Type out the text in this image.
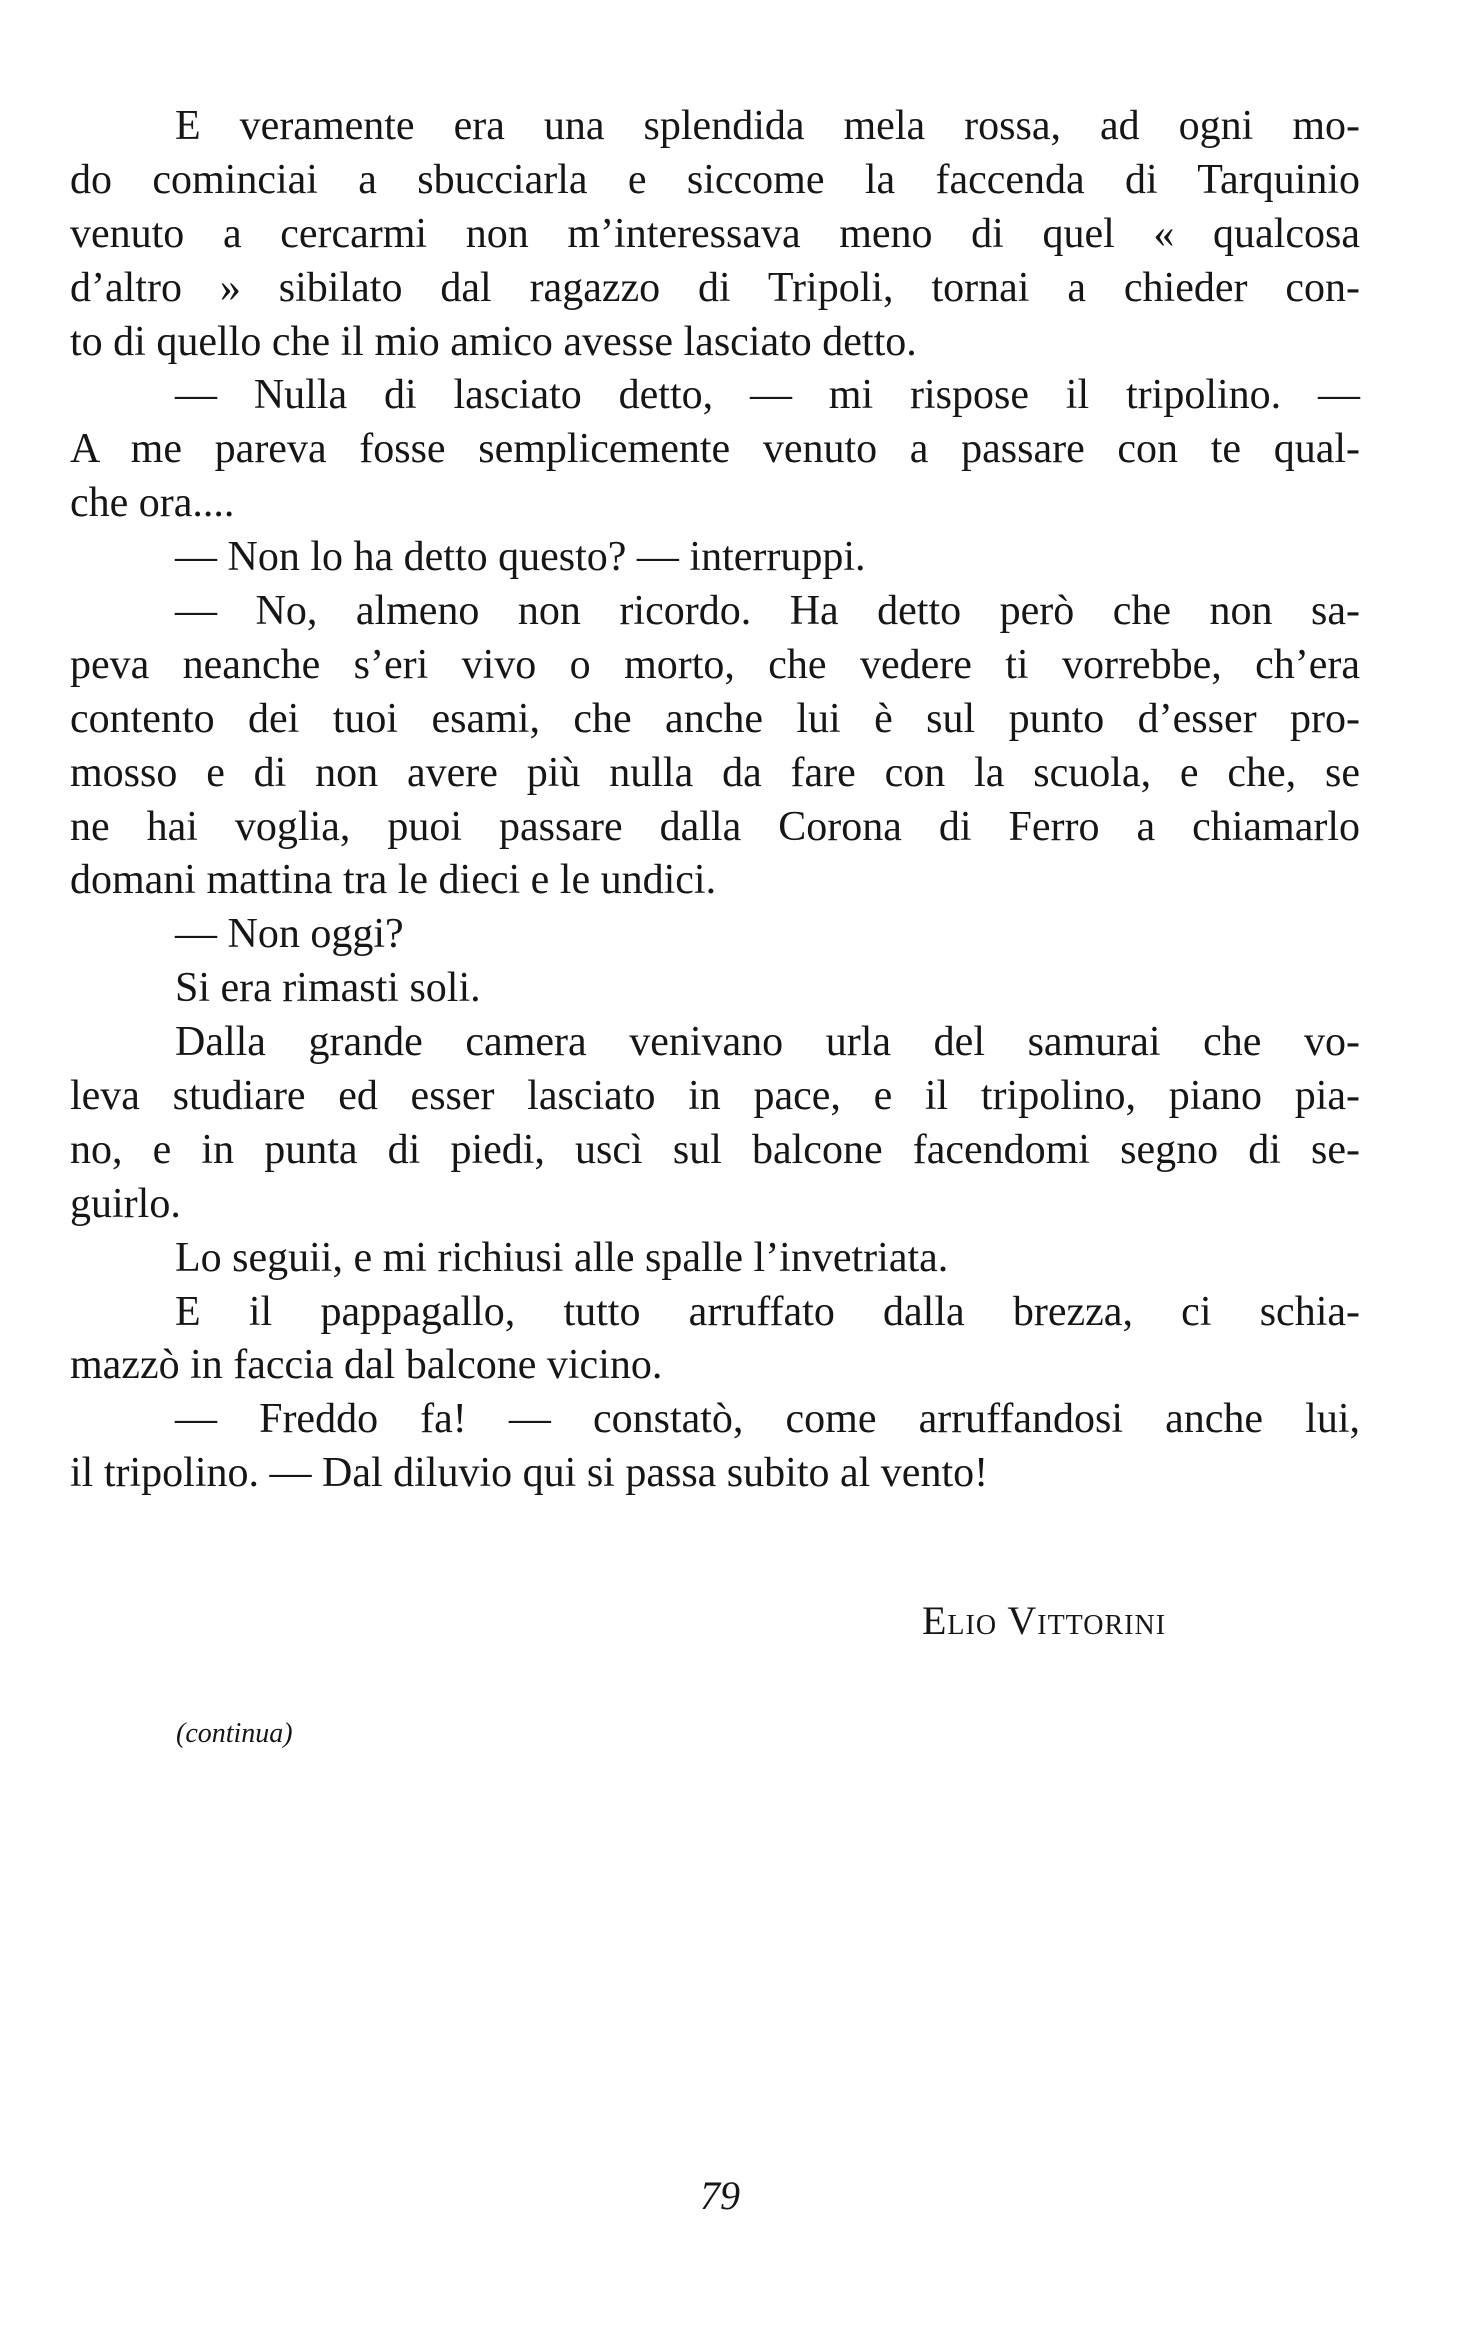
E veramente era una splendida mela rossa, ad ogni mo-
do cominciai a sbucciarla e siccome la faccenda di Tarquinio
venuto a cercarmi non m’interessava meno di quel « qualcosa
d’altro » sibilato dal ragazzo di Tripoli, tornai a chieder con-
to di quello che il mio amico avesse lasciato detto.
— Nulla di lasciato detto, — mi rispose il tripolino. —
A me pareva fosse semplicemente venuto a passare con te qual-
che ora....
— Non lo ha detto questo? — interruppi.
— No, almeno non ricordo. Ha detto però che non sa-
peva neanche s’eri vivo o morto, che vedere ti vorrebbe, ch’era
contento dei tuoi esami, che anche lui è sul punto d’esser pro-
mosso e di non avere più nulla da fare con la scuola, e che, se
ne hai voglia, puoi passare dalla Corona di Ferro a chiamarlo
domani mattina tra le dieci e le undici.
— Non oggi?
Si era rimasti soli.
Dalla grande camera venivano urla del samurai che vo-
leva studiare ed esser lasciato in pace, e il tripolino, piano pia-
no, e in punta di piedi, uscì sul balcone facendomi segno di se-
guirlo.
Lo seguii, e mi richiusi alle spalle l’invetriata.
E il pappagallo, tutto arruffato dalla brezza, ci schia-
mazzò in faccia dal balcone vicino.
— Freddo fa! — constatò, come arruffandosi anche lui,
il tripolino. — Dal diluvio qui si passa subito al vento!
Elio Vittorini
(continua)
79
